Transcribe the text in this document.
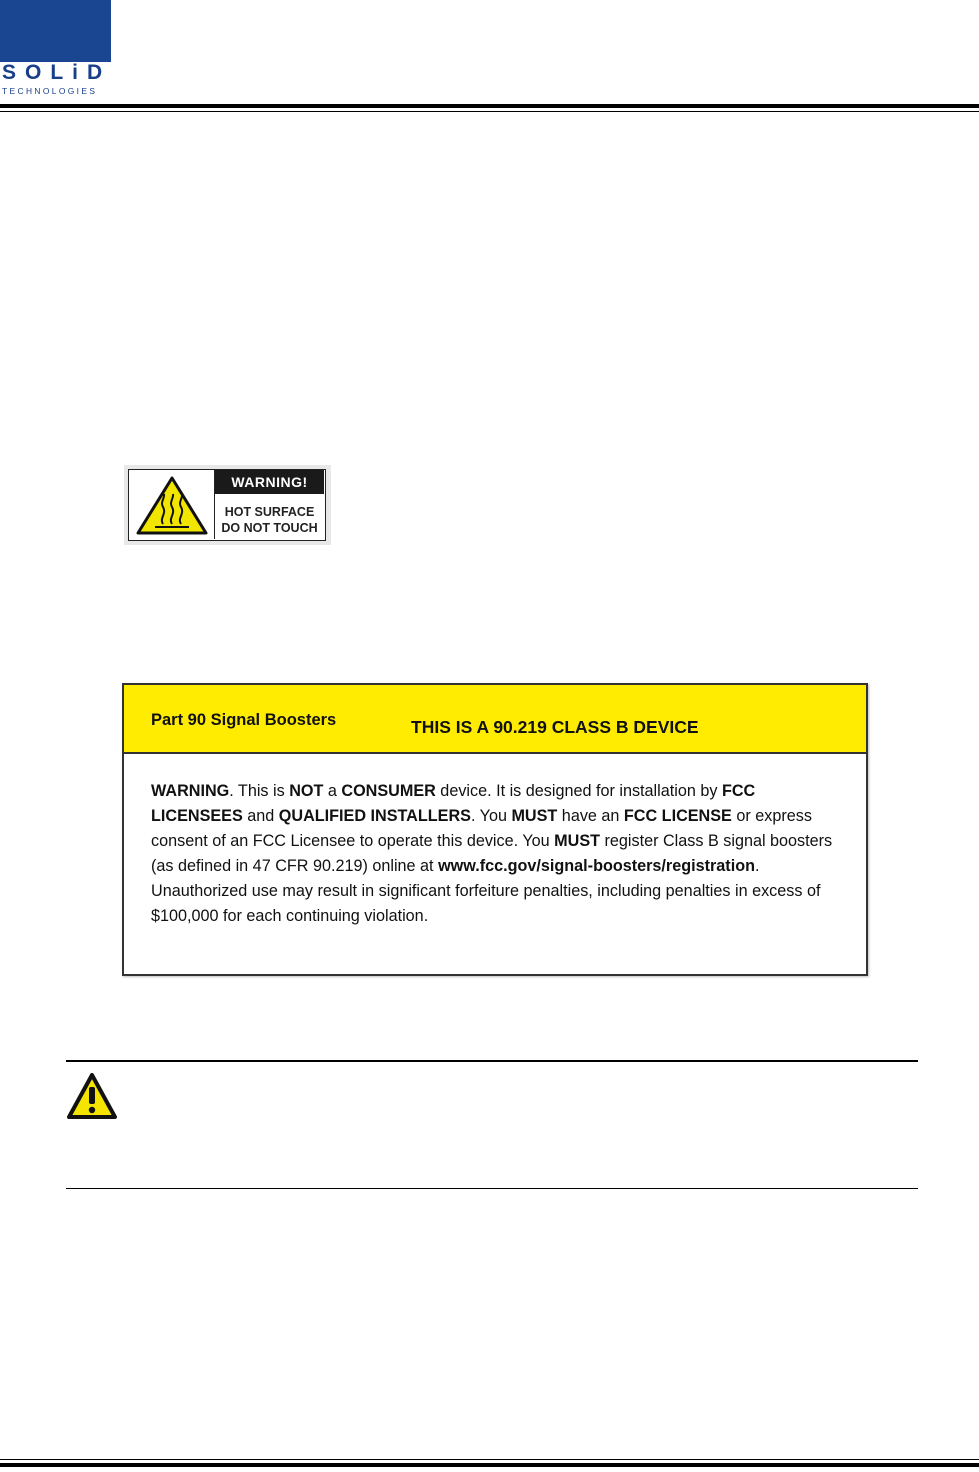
SOLiD
TECHNOLOGIES
WARNING!
HOT SURFACE
DO NOT TOUCH
Part 90 Signal Boosters	THIS IS A 90.219 CLASS B DEVICE
WARNING. This is NOT a CONSUMER device. It is designed for installation by FCC LICENSEES and QUALIFIED INSTALLERS. You MUST have an FCC LICENSE or express consent of an FCC Licensee to operate this device. You MUST register Class B signal boosters (as defined in 47 CFR 90.219) online at www.fcc.gov/signal-boosters/registration. Unauthorized use may result in significant forfeiture penalties, including penalties in excess of $100,000 for each continuing violation.
